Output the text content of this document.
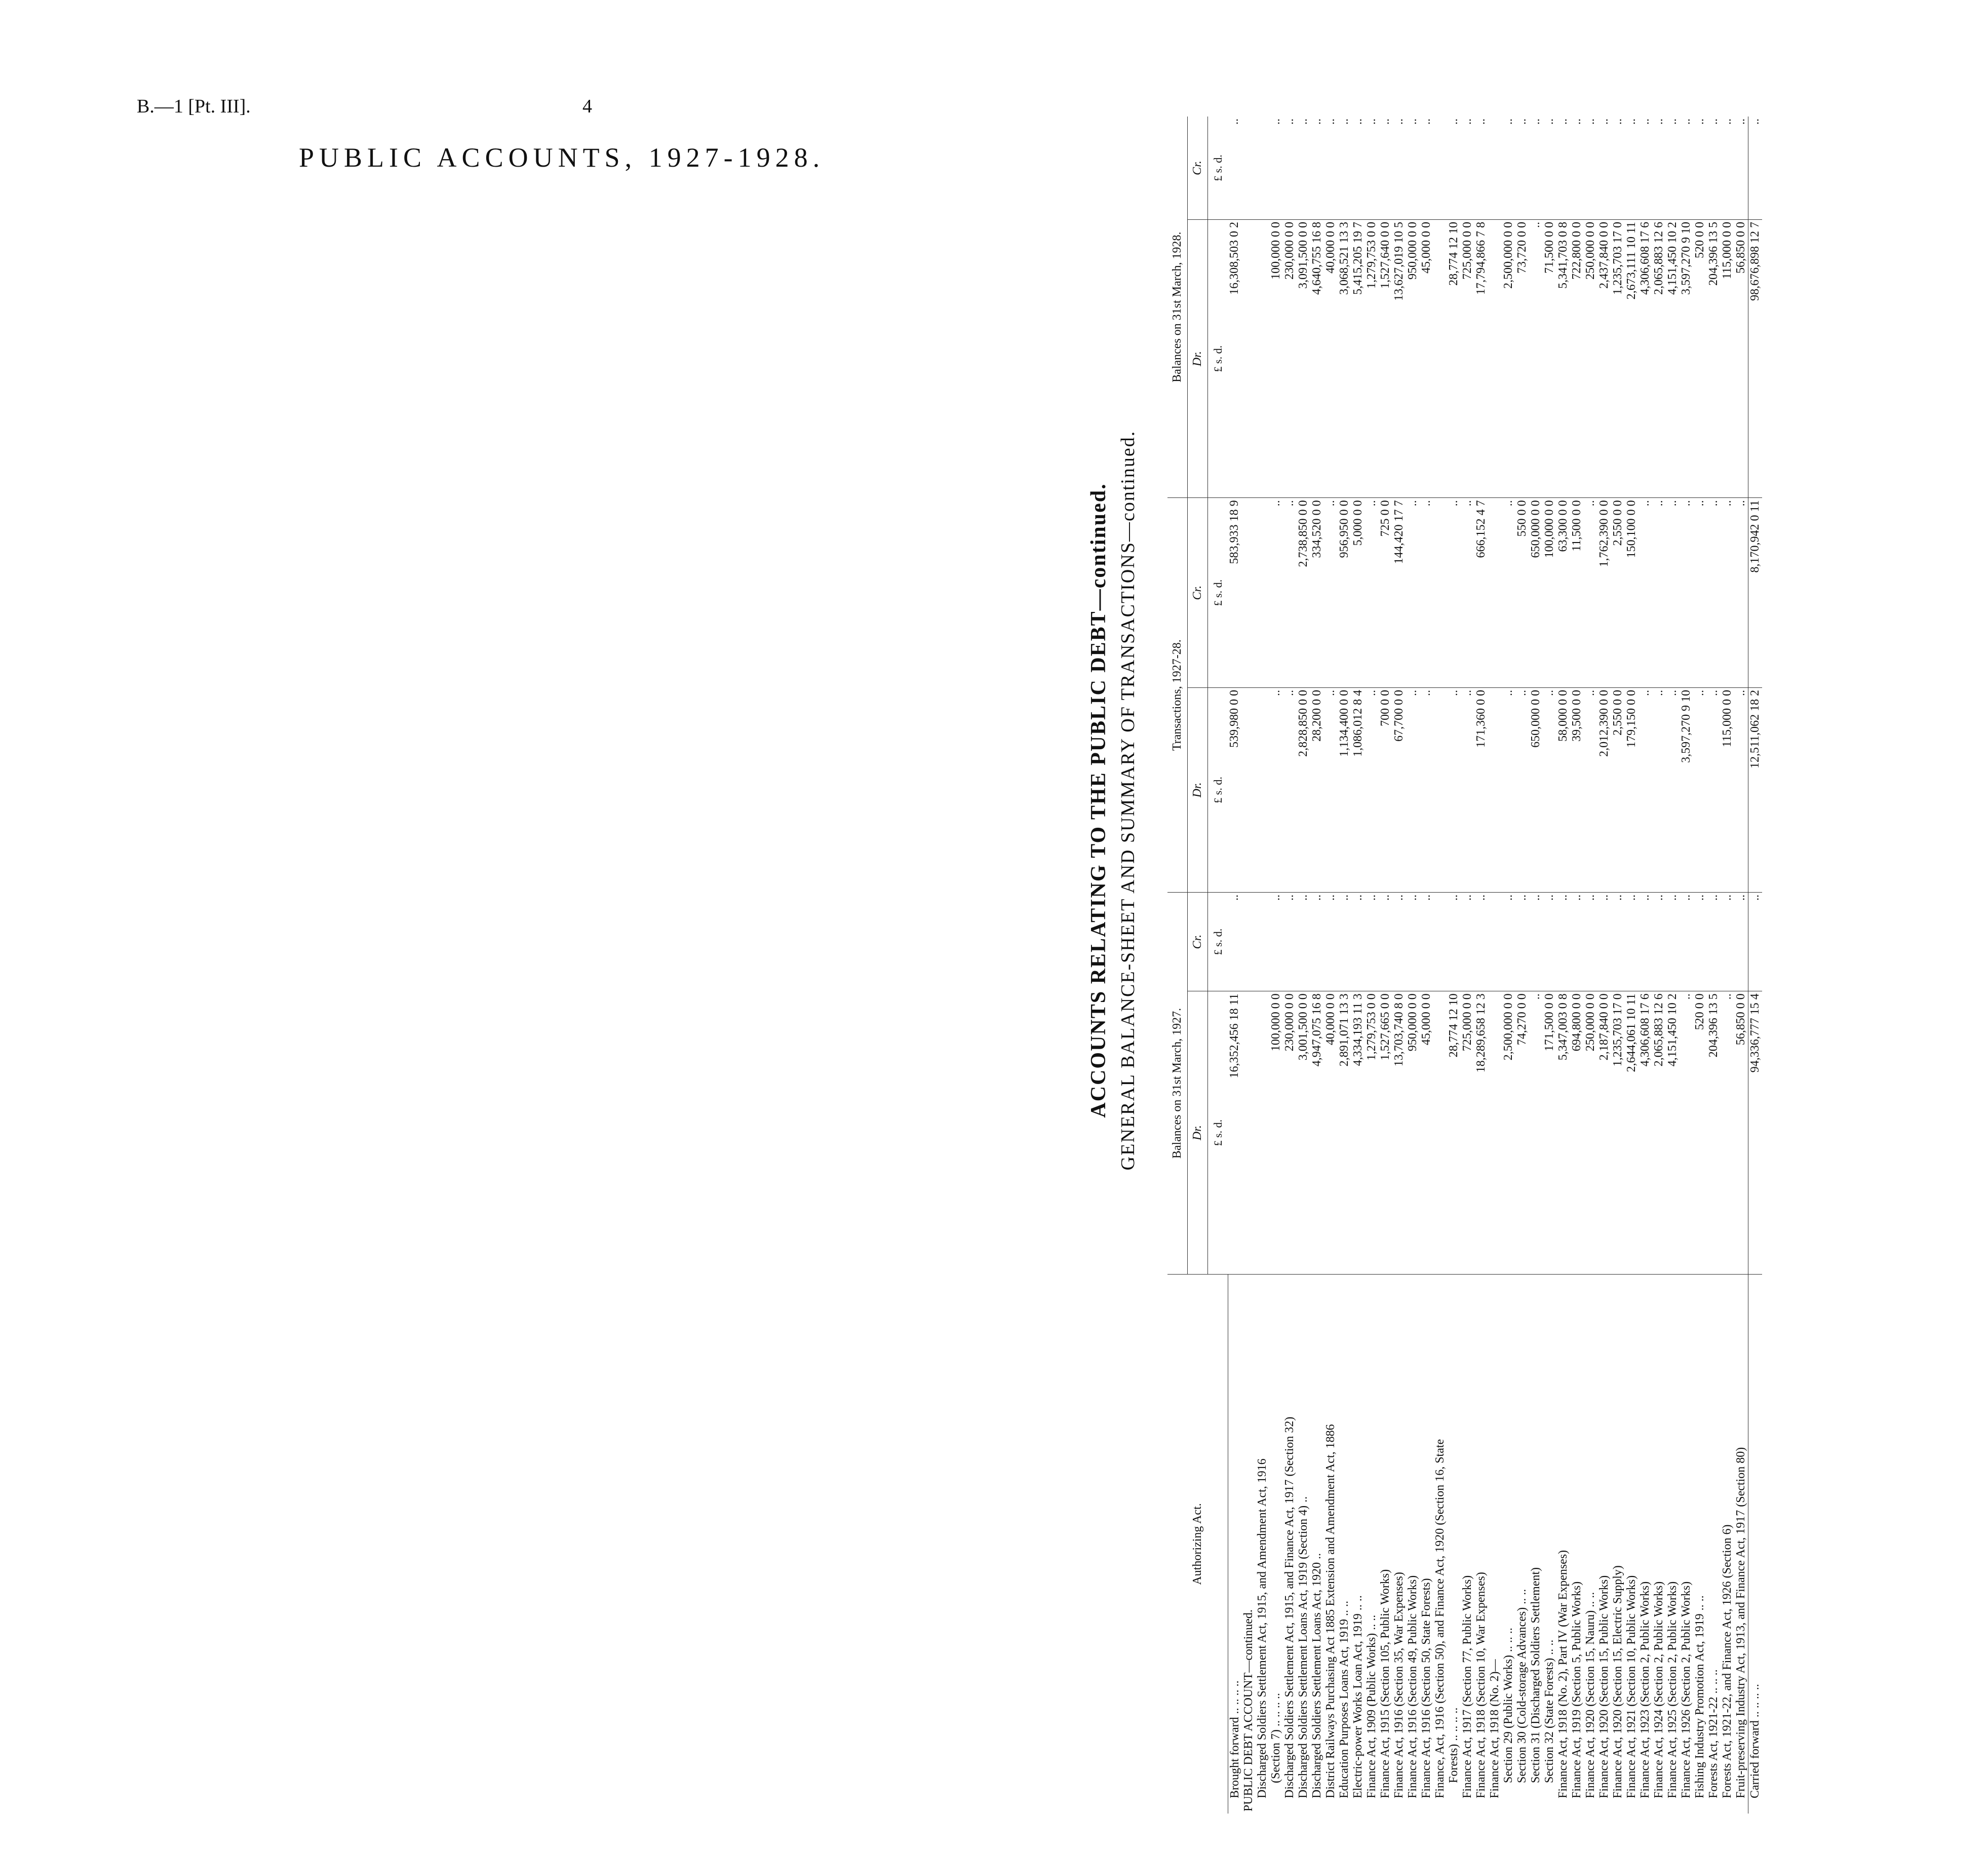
B.—1 [Pt. III].	4
PUBLIC ACCOUNTS, 1927-1928.
ACCOUNTS RELATING TO THE PUBLIC DEBT—continued. GENERAL BALANCE-SHEET AND SUMMARY OF TRANSACTIONS—continued.
Authorizing Act.	Balances on 31st March, 1927.		Transactions, 1927-28.		Balances on 31st March, 1928.	
	Dr.	Cr.	Dr.	Cr.	Dr.	Cr.
	£ s. d.	£ s. d.	£ s. d.	£ s. d.	£ s. d.	£ s. d.
Brought forward .. .. .. ..	16,352,456 18 11	..	539,980 0 0	583,933 18 9	16,308,503 0 2	..
PUBLIC DEBT ACCOUNT—continued.						
Discharged Soldiers Settlement Act, 1915, and Amendment Act, 1916						
(Section 7) .. .. .. ..	100,000 0 0	..	..	..	100,000 0 0	..
Discharged Soldiers Settlement Act, 1915, and Finance Act, 1917 (Section 32)	230,000 0 0	..	..	..	230,000 0 0	..
Discharged Soldiers Settlement Loans Act, 1919 (Section 4) ..	3,001,500 0 0	..	2,828,850 0 0	2,738,850 0 0	3,091,500 0 0	..
Discharged Soldiers Settlement Loans Act, 1920 ..	4,947,075 16 8	..	28,200 0 0	334,520 0 0	4,640,755 16 8	..
District Railways Purchasing Act 1885 Extension and Amendment Act, 1886	40,000 0 0	..	..	..	40,000 0 0	..
Education Purposes Loans Act, 1919 .. ..	2,891,071 13 3	..	1,134,400 0 0	956,950 0 0	3,068,521 13 3	..
Electric-power Works Loan Act, 1919 .. ..	4,334,193 11 3	..	1,086,012 8 4	5,000 0 0	5,415,205 19 7	..
Finance Act, 1909 (Public Works) .. ..	1,279,753 0 0	..	..	..	1,279,753 0 0	..
Finance Act, 1915 (Section 105, Public Works)	1,527,665 0 0	..	700 0 0	725 0 0	1,527,640 0 0	..
Finance Act, 1916 (Section 35, War Expenses)	13,703,740 8 0	..	67,700 0 0	144,420 17 7	13,627,019 10 5	..
Finance Act, 1916 (Section 49, Public Works)	950,000 0 0	..	..	..	950,000 0 0	..
Finance Act, 1916 (Section 50, State Forests)	45,000 0 0	..	..	..	45,000 0 0	..
Finance, Act, 1916 (Section 50), and Finance Act, 1920 (Section 16, State						
Forests) .. .. .. ..	28,774 12 10	..	..	..	28,774 12 10	..
Finance Act, 1917 (Section 77, Public Works)	725,000 0 0	..	..	..	725,000 0 0	..
Finance Act, 1918 (Section 10, War Expenses)	18,289,658 12 3	..	171,360 0 0	666,152 4 7	17,794,866 7 8	..
Finance Act, 1918 (No. 2)—						
Section 29 (Public Works) .. .. ..	2,500,000 0 0	..	..	..	2,500,000 0 0	..
Section 30 (Cold-storage Advances) .. ..	74,270 0 0	..	..	550 0 0	73,720 0 0	..
Section 31 (Discharged Soldiers Settlement)	..	..	650,000 0 0	650,000 0 0	..	..
Section 32 (State Forests) .. ..	171,500 0 0	..	..	100,000 0 0	71,500 0 0	..
Finance Act, 1918 (No. 2), Part IV (War Expenses)	5,347,003 0 8	..	58,000 0 0	63,300 0 0	5,341,703 0 8	..
Finance Act, 1919 (Section 5, Public Works)	694,800 0 0	..	39,500 0 0	11,500 0 0	722,800 0 0	..
Finance Act, 1920 (Section 15, Nauru) .. ..	250,000 0 0	..	..	..	250,000 0 0	..
Finance Act, 1920 (Section 15, Public Works)	2,187,840 0 0	..	2,012,390 0 0	1,762,390 0 0	2,437,840 0 0	..
Finance Act, 1920 (Section 15, Electric Supply)	1,235,703 17 0	..	2,550 0 0	2,550 0 0	1,235,703 17 0	..
Finance Act, 1921 (Section 10, Public Works)	2,644,061 10 11	..	179,150 0 0	150,100 0 0	2,673,111 10 11	..
Finance Act, 1923 (Section 2, Public Works)	4,306,608 17 6	..	..	..	4,306,608 17 6	..
Finance Act, 1924 (Section 2, Public Works)	2,065,883 12 6	..	..	..	2,065,883 12 6	..
Finance Act, 1925 (Section 2, Public Works)	4,151,450 10 2	..	..	..	4,151,450 10 2	..
Finance Act, 1926 (Section 2, Public Works)	..	..	3,597,270 9 10	..	3,597,270 9 10	..
Fishing Industry Promotion Act, 1919 .. ..	520 0 0	..	..	..	520 0 0	..
Forests Act, 1921-22 .. .. ..	204,396 13 5	..	..	..	204,396 13 5	..
Forests Act, 1921-22, and Finance Act, 1926 (Section 6)	..	..	115,000 0 0	..	115,000 0 0	..
Fruit-preserving Industry Act, 1913, and Finance Act, 1917 (Section 80)	56,850 0 0	..	..	..	56,850 0 0	..
Carried forward .. .. .. ..	94,336,777 15 4	..	12,511,062 18 2	8,170,942 0 11	98,676,898 12 7	..
